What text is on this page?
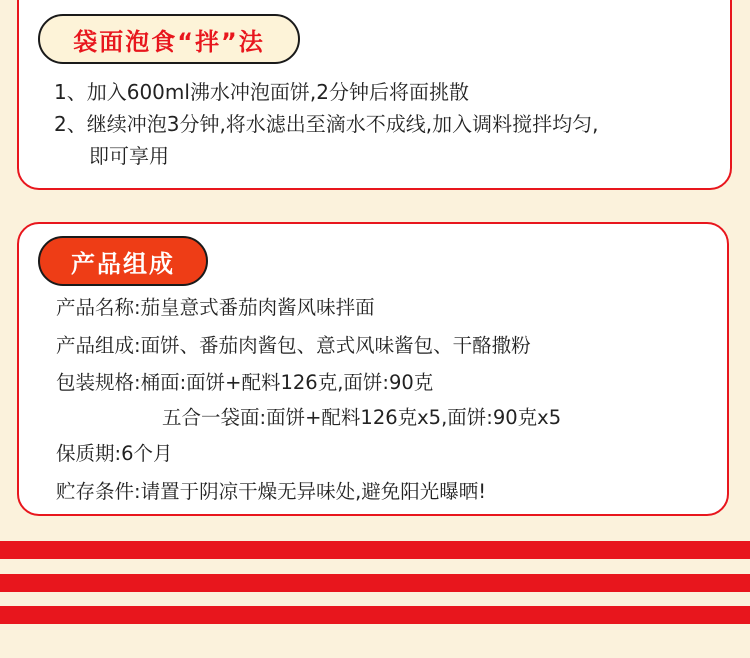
袋面泡食“拌”法
1、加入600ml沸水冲泡面饼,2分钟后将面挑散
2、继续冲泡3分钟,将水滤出至滴水不成线,加入调料搅拌均匀,
即可享用
产品组成
产品名称:茄皇意式番茄肉酱风味拌面
产品组成:面饼、番茄肉酱包、意式风味酱包、干酪撒粉
包装规格:桶面:面饼+配料126克,面饼:90克
五合一袋面:面饼+配料126克x5,面饼:90克x5
保质期:6个月
贮存条件:请置于阴凉干燥无异味处,避免阳光曝晒!
